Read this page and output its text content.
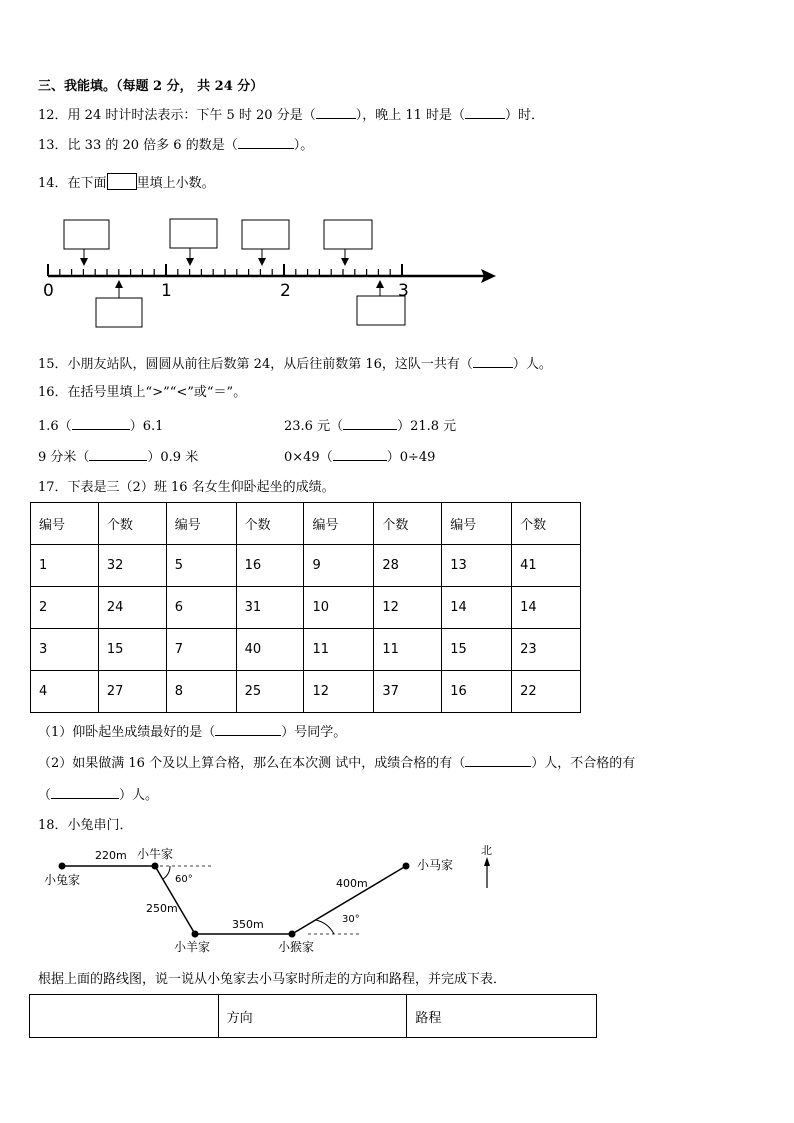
三、我能填。（每题 2 分， 共 24 分）
12．用 24 时计时法表示：下午 5 时 20 分是（	），晚上 11 时是（	）时．
13．比 33 的 20 倍多 6 的数是（	）。
14．在下面 里填上小数。
0	1	2	3
15．小朋友站队，圆圆从前往后数第 24，从后往前数第 16，这队一共有（	）人。
16．在括号里填上“>”“<”或“＝”。
1.6（	）6.1	23.6 元（	）21.8 元
9 分米（	）0.9 米	0×49（	）0÷49
17．下表是三（2）班 16 名女生仰卧起坐的成绩。
编号	个数	编号	个数	编号	个数	编号	个数
1	32	5	16	9	28	13	41
2	24	6	31	10	12	14	14
3	15	7	40	11	11	15	23
4	27	8	25	12	37	16	22
（1）仰卧起坐成绩最好的是（	）号同学。
（2）如果做满 16 个及以上算合格，那么在本次测 试中，成绩合格的有（	）人，不合格的有
（	）人。
18．小兔串门．
小兔家
小牛家
小羊家	小猴家
小马家
220m
250m
350m
400m
60°
30°
北
根据上面的路线图，说一说从小兔家去小马家时所走的方向和路程，并完成下表．
	方向	路程
